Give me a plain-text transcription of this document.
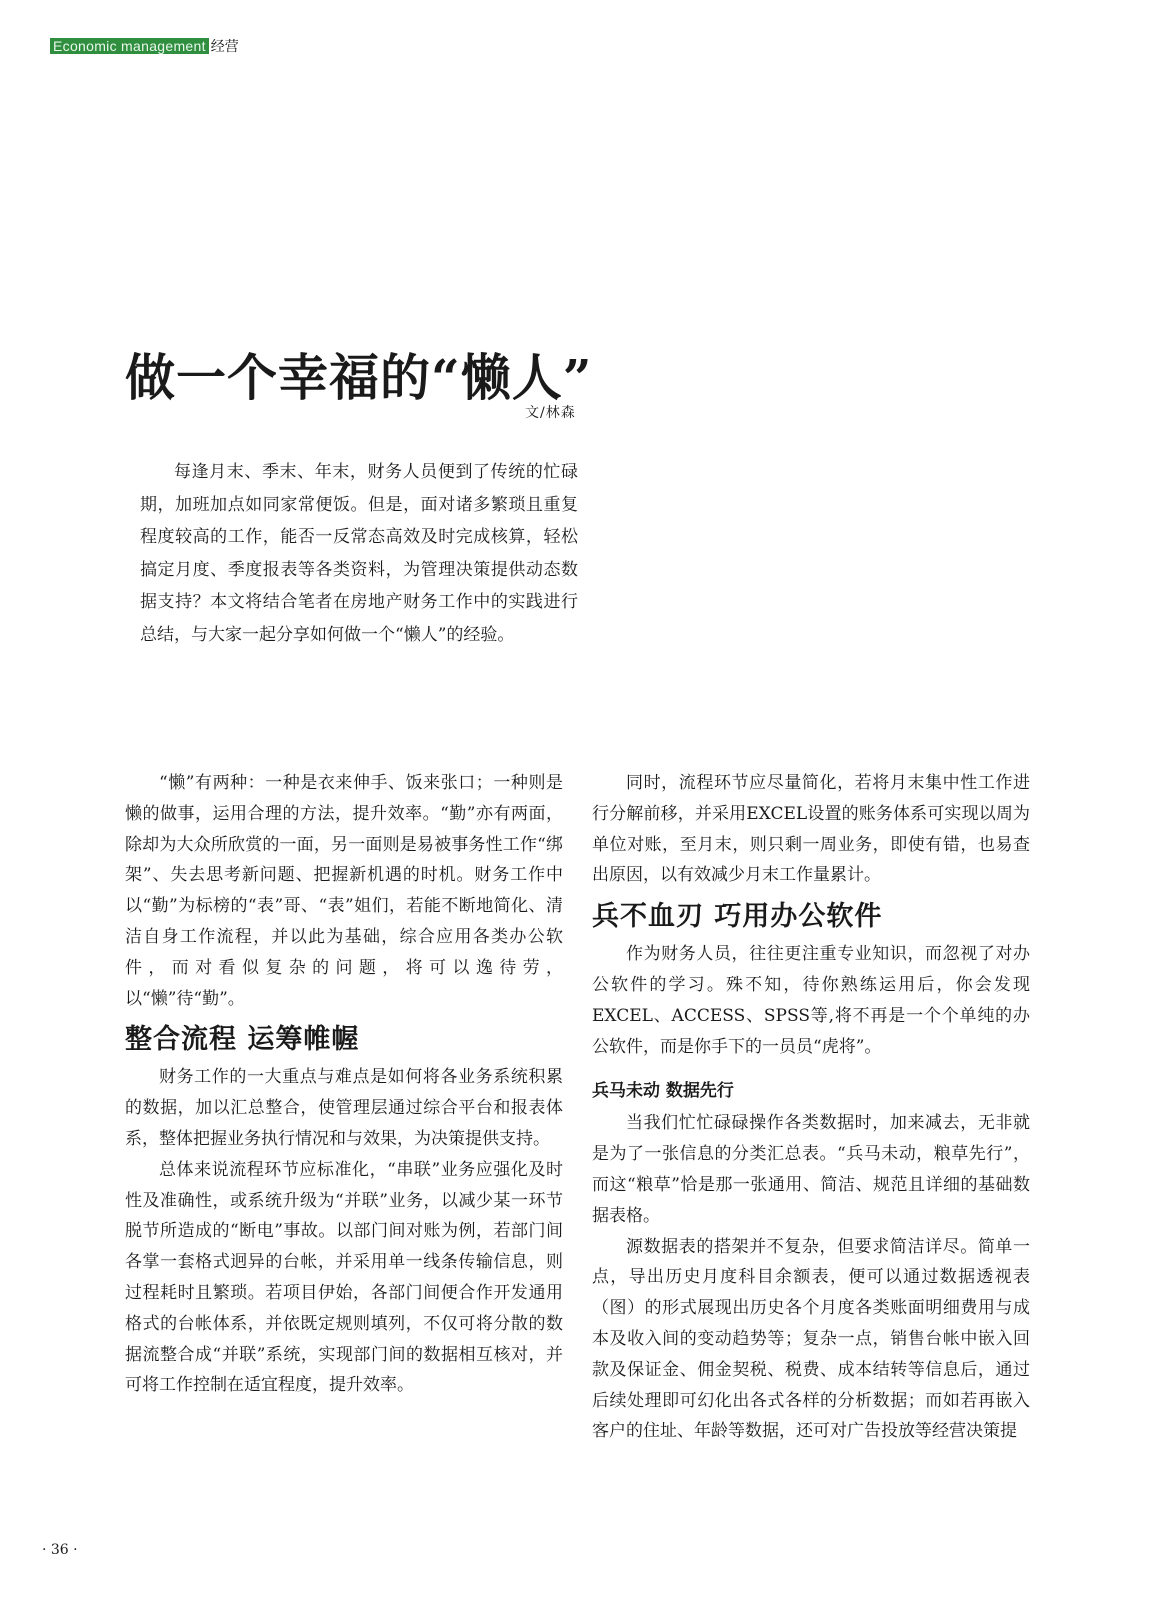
Economic management 经营
做一个幸福的“懒人”
文/林森

每逢月末、季末、年末，财务人员便到了传统的忙碌期，加班加点如同家常便饭。但是，面对诸多繁琐且重复程度较高的工作，能否一反常态高效及时完成核算，轻松搞定月度、季度报表等各类资料，为管理决策提供动态数据支持？本文将结合笔者在房地产财务工作中的实践进行总结，与大家一起分享如何做一个“懒人”的经验。

“懒”有两种：一种是衣来伸手、饭来张口；一种则是懒的做事，运用合理的方法，提升效率。“勤”亦有两面，除却为大众所欣赏的一面，另一面则是易被事务性工作“绑架”、失去思考新问题、把握新机遇的时机。财务工作中以“勤”为标榜的“表”哥、“表”姐们，若能不断地简化、清洁自身工作流程，并以此为基础，综合应用各类办公软件，而对看似复杂的问题，将可以逸待劳，以“懒”待“勤”。

整合流程 运筹帷幄

财务工作的一大重点与难点是如何将各业务系统积累的数据，加以汇总整合，使管理层通过综合平台和报表体系，整体把握业务执行情况和与效果，为决策提供支持。

总体来说流程环节应标准化，“串联”业务应强化及时性及准确性，或系统升级为“并联”业务，以减少某一环节脱节所造成的“断电”事故。以部门间对账为例，若部门间各掌一套格式迥异的台帐，并采用单一线条传输信息，则过程耗时且繁琐。若项目伊始，各部门间便合作开发通用格式的台帐体系，并依既定规则填列，不仅可将分散的数据流整合成“并联”系统，实现部门间的数据相互核对，并可将工作控制在适宜程度，提升效率。

同时，流程环节应尽量简化，若将月末集中性工作进行分解前移，并采用EXCEL设置的账务体系可实现以周为单位对账，至月末，则只剩一周业务，即使有错，也易查出原因，以有效减少月末工作量累计。

兵不血刃 巧用办公软件

作为财务人员，往往更注重专业知识，而忽视了对办公软件的学习。殊不知，待你熟练运用后，你会发现EXCEL、ACCESS、SPSS等,将不再是一个个单纯的办公软件，而是你手下的一员员“虎将”。

兵马未动 数据先行

当我们忙忙碌碌操作各类数据时，加来减去，无非就是为了一张信息的分类汇总表。“兵马未动，粮草先行”，而这“粮草”恰是那一张通用、简洁、规范且详细的基础数据表格。

源数据表的搭架并不复杂，但要求简洁详尽。简单一点，导出历史月度科目余额表，便可以通过数据透视表（图）的形式展现出历史各个月度各类账面明细费用与成本及收入间的变动趋势等；复杂一点，销售台帐中嵌入回款及保证金、佣金契税、税费、成本结转等信息后，通过后续处理即可幻化出各式各样的分析数据；而如若再嵌入客户的住址、年龄等数据，还可对广告投放等经营决策提

· 36 ·
